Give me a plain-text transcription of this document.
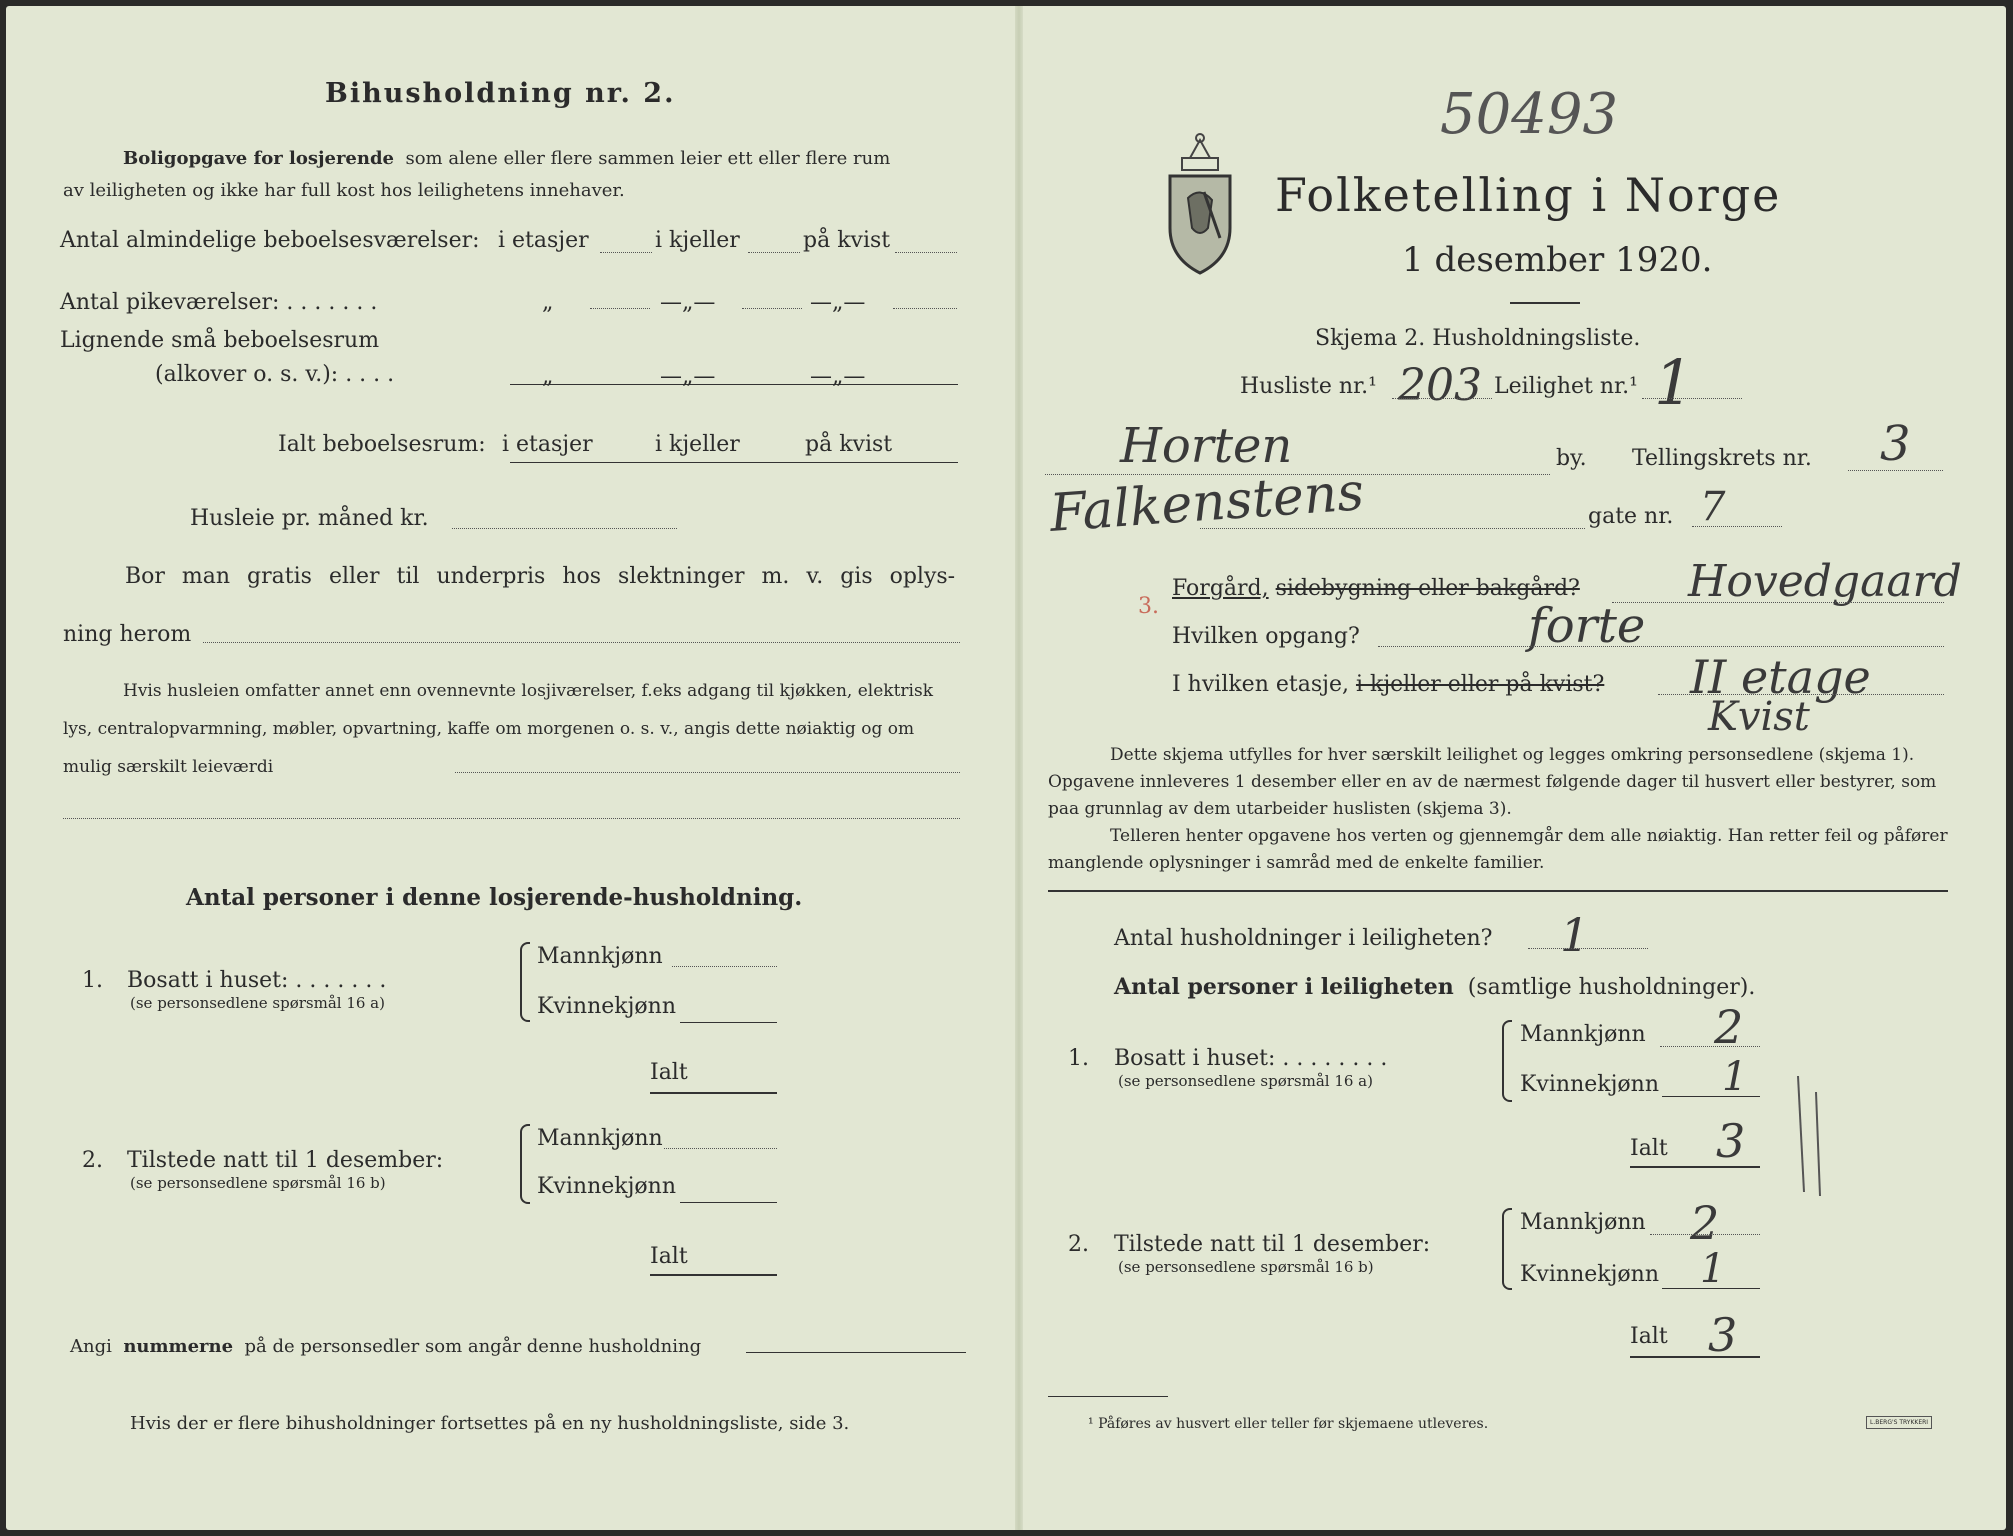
Bihusholdning nr. 2.
Boligopgave for losjerende som alene eller flere sammen leier ett eller flere rum
av leiligheten og ikke har full kost hos leilighetens innehaver.
Antal almindelige beboelsesværelser: i etasjer	i kjeller	på kvist
Antal pikeværelser: . . . . . . .	„	—„—	—„—
Lignende små beboelsesrum
(alkover o. s. v.): . . . .	„	—„—	—„—
Ialt beboelsesrum: i etasjer	i kjeller	på kvist
Husleie pr. måned kr.
Bor man gratis eller til underpris hos slektninger m. v. gis oplys-
ning herom
Hvis husleien omfatter annet enn ovennevnte losjiværelser, f.eks adgang til kjøkken, elektrisk lys, centralopvarmning, møbler, opvartning, kaffe om morgenen o. s. v., angis dette nøiaktig og om mulig særskilt leieværdi
Antal personer i denne losjerende-husholdning.
1. Bosatt i huset: . . . . . . .
(se personsedlene spørsmål 16 a)
Mannkjønn
Kvinnekjønn
Ialt
2. Tilstede natt til 1 desember:
(se personsedlene spørsmål 16 b)
Mannkjønn
Kvinnekjønn
Ialt
Angi nummerne på de personsedler som angår denne husholdning
Hvis der er flere bihusholdninger fortsettes på en ny husholdningsliste, side 3.
50493
Folketelling i Norge
1 desember 1920.
Skjema 2. Husholdningsliste.
Husliste nr.¹ 203 Leilighet nr.¹ 1
Horten	by. Tellingskrets nr. 3
Falkenstens	gate nr. 7
3.
Forgård, sidebygning eller bakgård? Hovedgaard
Hvilken opgang?	forte
I hvilken etasje, i kjeller eller på kvist? II etage
Kvist
Dette skjema utfylles for hver særskilt leilighet og legges omkring personsedlene (skjema 1). Opgavene innleveres 1 desember eller en av de nærmest følgende dager til husvert eller bestyrer, som paa grunnlag av dem utarbeider huslisten (skjema 3).
Telleren henter opgavene hos verten og gjennemgår dem alle nøiaktig. Han retter feil og påfører manglende oplysninger i samråd med de enkelte familier.
Antal husholdninger i leiligheten? 1
Antal personer i leiligheten (samtlige husholdninger).
1. Bosatt i huset: . . . . . . . .
(se personsedlene spørsmål 16 a)
Mannkjønn 2
Kvinnekjønn 1
Ialt 3
2. Tilstede natt til 1 desember:
(se personsedlene spørsmål 16 b)
Mannkjønn 2
Kvinnekjønn 1
Ialt 3
¹ Påføres av husvert eller teller før skjemaene utleveres.	L.BERG'S TRYKKERI
